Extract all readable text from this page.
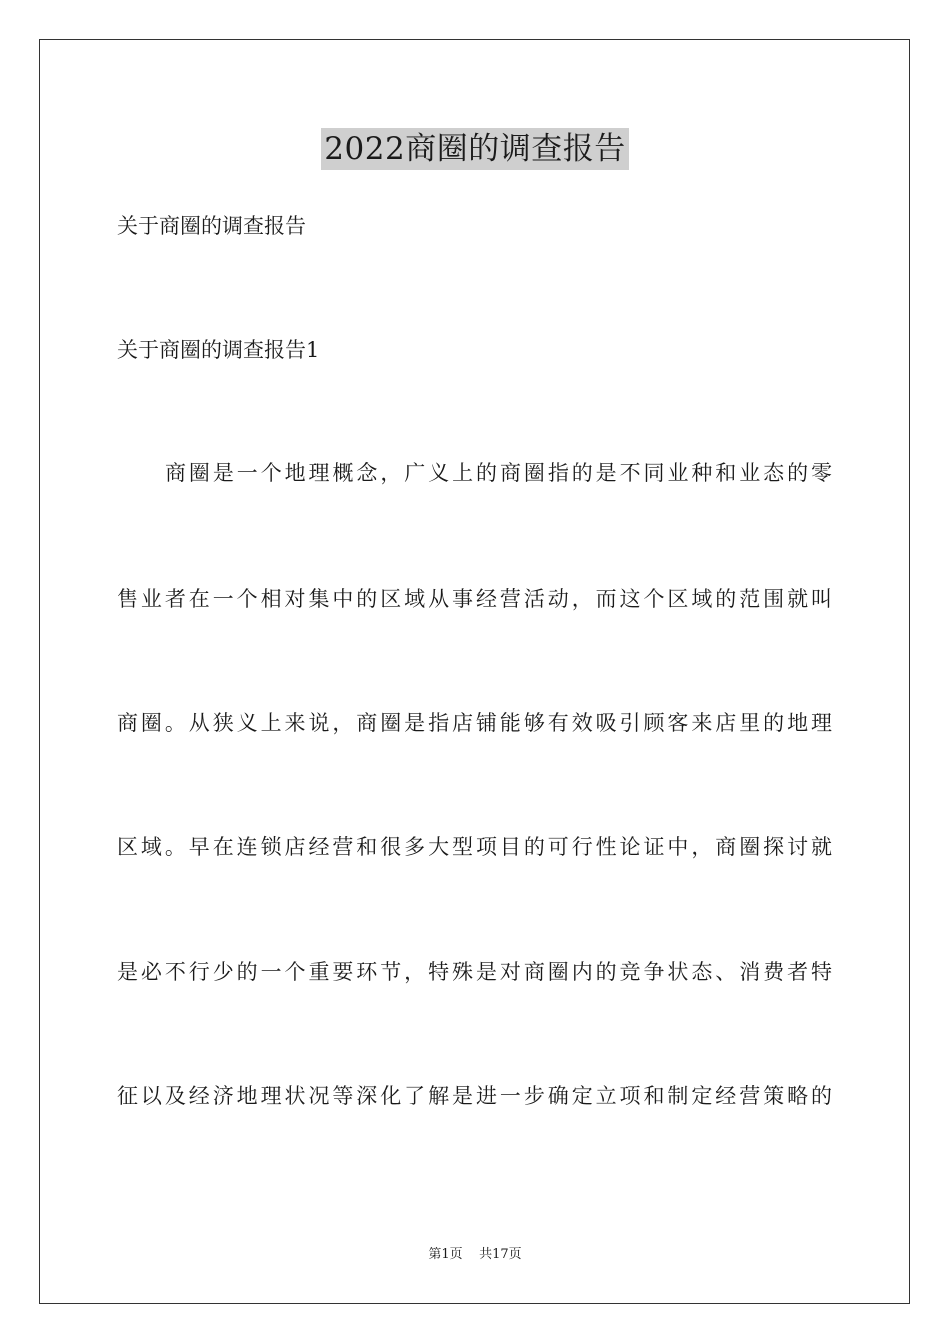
2022商圈的调查报告
关于商圈的调查报告
关于商圈的调查报告1
商圈是一个地理概念，广义上的商圈指的是不同业种和业态的零
售业者在一个相对集中的区域从事经营活动，而这个区域的范围就叫
商圈。从狭义上来说，商圈是指店铺能够有效吸引顾客来店里的地理
区域。早在连锁店经营和很多大型项目的可行性论证中，商圈探讨就
是必不行少的一个重要环节，特殊是对商圈内的竞争状态、消费者特
征以及经济地理状况等深化了解是进一步确定立项和制定经营策略的
第1页 共17页
